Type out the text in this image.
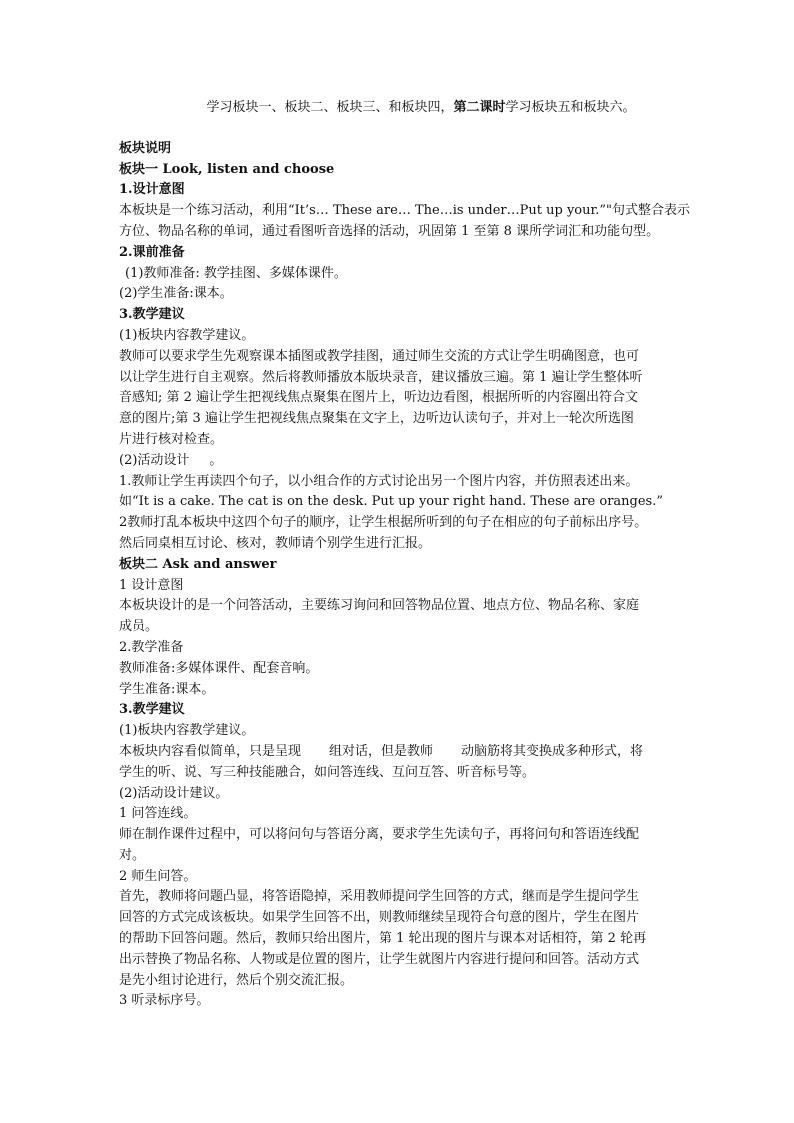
学习板块一、板块二、板块三、和板块四，第二课时学习板块五和板块六。
板块说明
板块一 Look, listen and choose
1.设计意图
本板块是一个练习活动，利用“It’s… These are… The…is under…Put up your.”"句式整合表示
方位、物品名称的单词，通过看图听音选择的活动，巩固第 1 至第 8 课所学词汇和功能句型。
2.课前准备
(1)教师准备: 教学挂图、多媒体课件。
(2)学生准备:课本。
3.教学建议
(1)板块内容教学建议。
教师可以要求学生先观察课本插图或教学挂图，通过师生交流的方式让学生明确图意，也可
以让学生进行自主观察。然后将教师播放本版块录音，建议播放三遍。第 1 遍让学生整体听
音感知; 第 2 遍让学生把视线焦点聚集在图片上，听边边看图，根据所听的内容圈出符合文
意的图片;第 3 遍让学生把视线焦点聚集在文字上，边听边认读句子，并对上一轮次所选图
片进行核对检查。
(2)活动设计 。
1.教师让学生再读四个句子，以小组合作的方式讨论出另一个图片内容，并仿照表述出来。
如“It is a cake. The cat is on the desk. Put up your right hand. These are oranges.”
2教师打乱本板块中这四个句子的顺序，让学生根据所听到的句子在相应的句子前标出序号。
然后同桌相互讨论、核对，教师请个别学生进行汇报。
板块二 Ask and answer
1 设计意图
本板块设计的是一个问答活动，主要练习询问和回答物品位置、地点方位、物品名称、家庭
成员。
2.教学准备
教师准备:多媒体课件、配套音响。
学生准备:课本。
3.教学建议
(1)板块内容教学建议。
本板块内容看似简单，只是呈现 组对话，但是教师 动脑筋将其变换成多种形式，将
学生的听、说、写三种技能融合，如问答连线、互问互答、听音标号等。
(2)活动设计建议。
1 问答连线。
师在制作课件过程中，可以将问句与答语分离，要求学生先读句子，再将问句和答语连线配
对。
2 师生问答。
首先，教师将问题凸显，将答语隐掉，采用教师提问学生回答的方式，继而是学生提问学生
回答的方式完成该板块。如果学生回答不出，则教师继续呈现符合句意的图片，学生在图片
的帮助下回答问题。然后，教师只给出图片，第 1 轮出现的图片与课本对话相符，第 2 轮再
出示替换了物品名称、人物或是位置的图片，让学生就图片内容进行提问和回答。活动方式
是先小组讨论进行，然后个别交流汇报。
3 听录标序号。
